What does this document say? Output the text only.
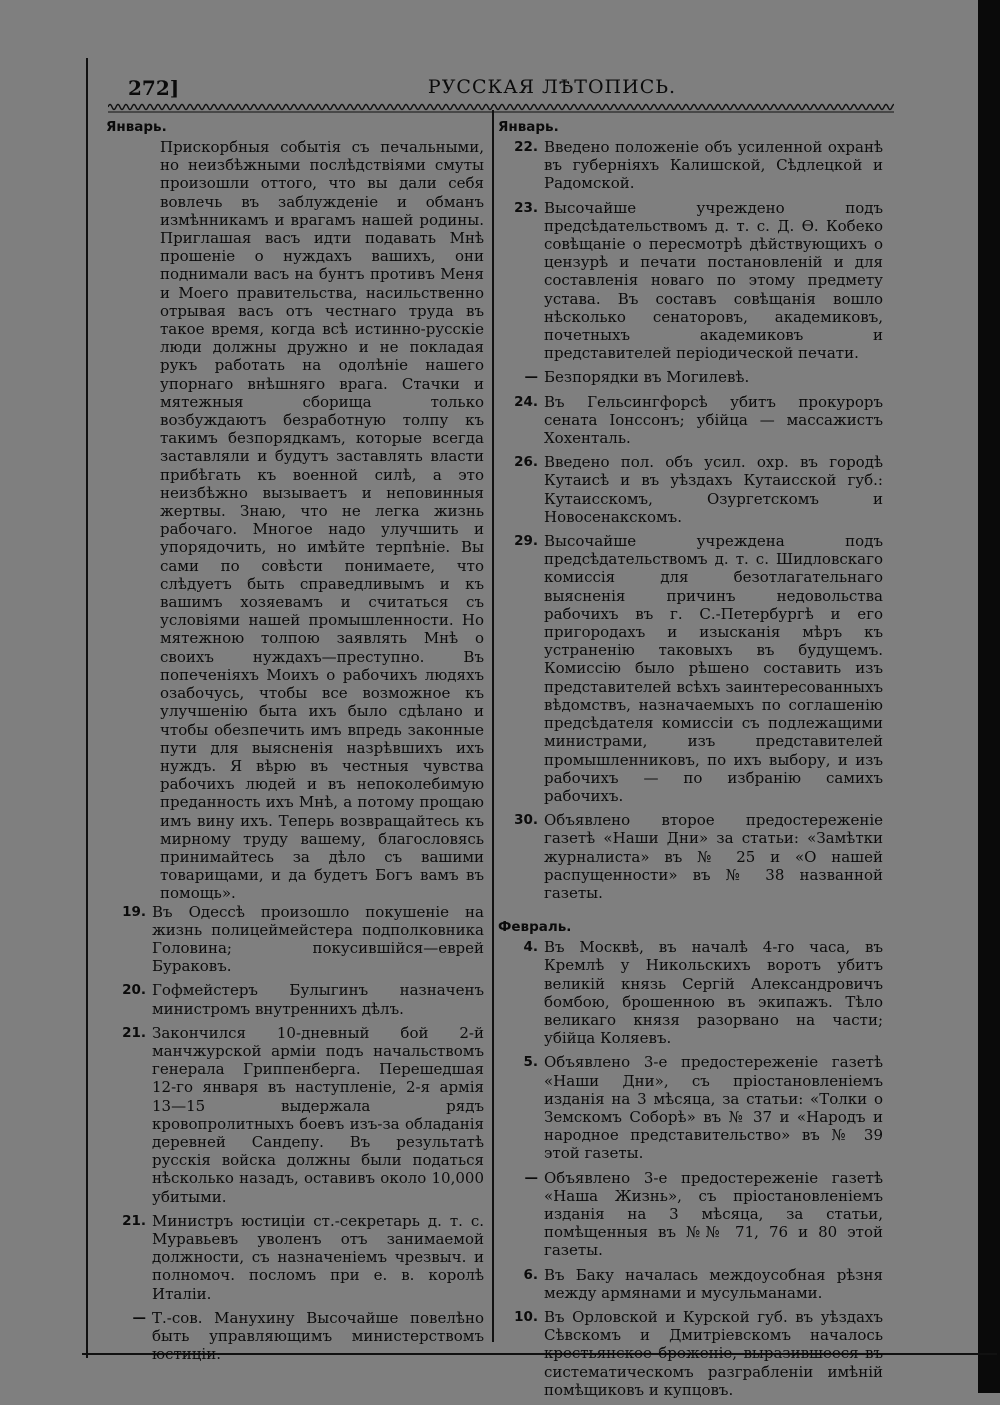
272]	РУССКАЯ ЛѢТОПИСЬ.
Январь.
Прискорбныя событія съ печальными, но неизбѣжными послѣдствіями смуты произошли оттого, что вы дали себя вовлечь въ заблужденіе и обманъ измѣнникамъ и врагамъ нашей родины. Приглашая васъ идти подавать Мнѣ прошеніе о нуждахъ вашихъ, они поднимали васъ на бунтъ противъ Меня и Моего правительства, насильственно отрывая васъ отъ честнаго труда въ такое время, когда всѣ истинно-русскіе люди должны дружно и не покладая рукъ работать на одолѣніе нашего упорнаго внѣшняго врага. Стачки и мятежныя сборища только возбуждаютъ безработную толпу къ такимъ безпорядкамъ, которые всегда заставляли и будутъ заставлять власти прибѣгать къ военной силѣ, а это неизбѣжно вызываетъ и неповинныя жертвы. Знаю, что не легка жизнь рабочаго. Многое надо улучшить и упорядочить, но имѣйте терпѣніе. Вы сами по совѣсти понимаете, что слѣдуетъ быть справедливымъ и къ вашимъ хозяевамъ и считаться съ условіями нашей промышленности. Но мятежною толпою заявлять Мнѣ о своихъ нуждахъ—преступно. Въ попеченіяхъ Моихъ о рабочихъ людяхъ озабочусь, чтобы все возможное къ улучшенію быта ихъ было сдѣлано и чтобы обезпечить имъ впредь законные пути для выясненія назрѣвшихъ ихъ нуждъ. Я вѣрю въ честныя чувства рабочихъ людей и въ непоколебимую преданность ихъ Мнѣ, а потому прощаю имъ вину ихъ. Теперь возвращайтесь къ мирному труду вашему, благословясь принимайтесь за дѣло съ вашими товарищами, и да будетъ Богъ вамъ въ помощь».
19. Въ Одессѣ произошло покушеніе на жизнь полицеймейстера подполковника Головина; покусившійся—еврей Бураковъ.
20. Гофмейстеръ Булыгинъ назначенъ министромъ внутреннихъ дѣлъ.
21. Закончился 10-дневный бой 2-й манчжурской арміи подъ начальствомъ генерала Гриппенберга. Перешедшая 12-го января въ наступленіе, 2-я армія 13—15 выдержала рядъ кровопролитныхъ боевъ изъ-за обладанія деревней Сандепу. Въ результатѣ русскія войска должны были податься нѣсколько назадъ, оставивъ около 10,000 убитыми.
21. Министръ юстиціи ст.-секретарь д. т. с. Муравьевъ уволенъ отъ занимаемой должности, съ назначеніемъ чрезвыч. и полномоч. посломъ при е. в. королѣ Италіи.
— Т.-сов. Манухину Высочайше повелѣно быть управляющимъ министерствомъ юстиціи.
Январь.
22. Введено положеніе объ усиленной охранѣ въ губерніяхъ Калишской, Сѣдлецкой и Радомской.
23. Высочайше учреждено подъ предсѣдательствомъ д. т. с. Д. Ѳ. Кобеко совѣщаніе о пересмотрѣ дѣйствующихъ о цензурѣ и печати постановленій и для составленія новаго по этому предмету устава. Въ составъ совѣщанія вошло нѣсколько сенаторовъ, академиковъ, почетныхъ академиковъ и представителей періодической печати.
— Безпорядки въ Могилевѣ.
24. Въ Гельсингфорсѣ убитъ прокуроръ сената Іонссонъ; убійца — массажистъ Хохенталь.
26. Введено пол. объ усил. охр. въ городѣ Кутаисѣ и въ уѣздахъ Кутаисской губ.: Кутаисскомъ, Озургетскомъ и Новосенакскомъ.
29. Высочайше учреждена подъ предсѣдательствомъ д. т. с. Шидловскаго комиссія для безотлагательнаго выясненія причинъ недовольства рабочихъ въ г. С.-Петербургѣ и его пригородахъ и изысканія мѣръ къ устраненію таковыхъ въ будущемъ. Комиссію было рѣшено составить изъ представителей всѣхъ заинтересованныхъ вѣдомствъ, назначаемыхъ по соглашенію предсѣдателя комиссіи съ подлежащими министрами, изъ представителей промышленниковъ, по ихъ выбору, и изъ рабочихъ — по избранію самихъ рабочихъ.
30. Объявлено второе предостереженіе газетѣ «Наши Дни» за статьи: «Замѣтки журналиста» въ № 25 и «О нашей распущенности» въ № 38 названной газеты.
Февраль.
4. Въ Москвѣ, въ началѣ 4-го часа, въ Кремлѣ у Никольскихъ воротъ убитъ великій князь Сергій Александровичъ бомбою, брошенною въ экипажъ. Тѣло великаго князя разорвано на части; убійца Коляевъ.
5. Объявлено 3-е предостереженіе газетѣ «Наши Дни», съ пріостановленіемъ изданія на 3 мѣсяца, за статьи: «Толки о Земскомъ Соборѣ» въ № 37 и «Народъ и народное представительство» въ № 39 этой газеты.
— Объявлено 3-е предостереженіе газетѣ «Наша Жизнь», съ пріостановленіемъ изданія на 3 мѣсяца, за статьи, помѣщенныя въ №№ 71, 76 и 80 этой газеты.
6. Въ Баку началась междоусобная рѣзня между армянами и мусульманами.
10. Въ Орловской и Курской губ. въ уѣздахъ Сѣвскомъ и Дмитріевскомъ началось крестьянское броженіе, выразившееся въ систематическомъ разграбленіи имѣній помѣщиковъ и купцовъ.
